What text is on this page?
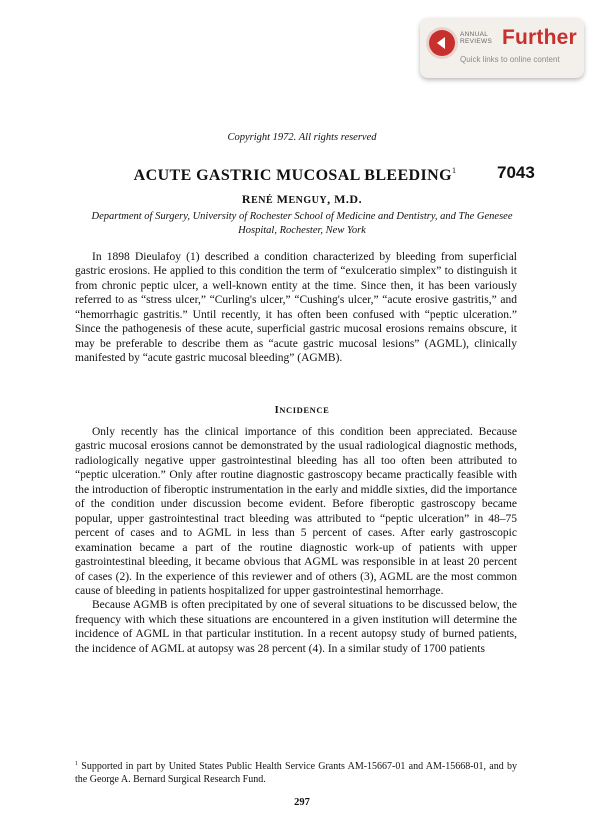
ANNUAL
REVIEWS Further
Quick links to online content
Copyright 1972. All rights reserved
ACUTE GASTRIC MUCOSAL BLEEDING$^1$	7043
RENÉ MENGUY, M.D.
Department of Surgery, University of Rochester School of Medicine and Dentistry, and The Genesee Hospital, Rochester, New York

In 1898 Dieulafoy (1) described a condition characterized by bleeding from superficial gastric erosions. He applied to this condition the term of “exulceratio simplex” to distinguish it from chronic peptic ulcer, a well-known entity at the time. Since then, it has been variously referred to as “stress ulcer,” “Curling's ulcer,” “Cushing's ulcer,” “acute erosive gastritis,” and “hemorrhagic gastritis.” Until recently, it has often been confused with “peptic ulceration.” Since the pathogenesis of these acute, superficial gastric mucosal erosions remains obscure, it may be preferable to describe them as “acute gastric mucosal lesions” (AGML), clinically manifested by “acute gastric mucosal bleeding” (AGMB).

INCIDENCE

Only recently has the clinical importance of this condition been appreciated. Because gastric mucosal erosions cannot be demonstrated by the usual radiological diagnostic methods, radiologically negative upper gastrointestinal bleeding has all too often been attributed to “peptic ulceration.” Only after routine diagnostic gastroscopy became practically feasible with the introduction of fiberoptic instrumentation in the early and middle sixties, did the importance of the condition under discussion become evident. Before fiberoptic gastroscopy became popular, upper gastrointestinal tract bleeding was attributed to “peptic ulceration” in 48–75 percent of cases and to AGML in less than 5 percent of cases. After early gastroscopic examination became a part of the routine diagnostic work-up of patients with upper gastrointestinal bleeding, it became obvious that AGML was responsible in at least 20 percent of cases (2). In the experience of this reviewer and of others (3), AGML are the most common cause of bleeding in patients hospitalized for upper gastrointestinal hemorrhage.

Because AGMB is often precipitated by one of several situations to be discussed below, the frequency with which these situations are encountered in a given institution will determine the incidence of AGML in that particular institution. In a recent autopsy study of burned patients, the incidence of AGML at autopsy was 28 percent (4). In a similar study of 1700 patients

$^1$ Supported in part by United States Public Health Service Grants AM-15667-01 and AM-15668-01, and by the George A. Bernard Surgical Research Fund.
297
